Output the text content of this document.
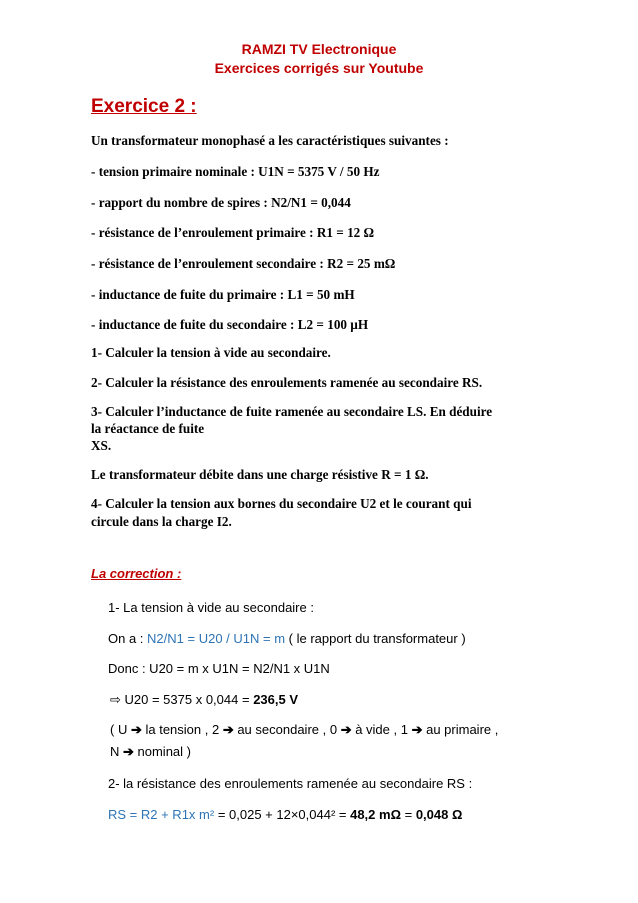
RAMZI TV Electronique
Exercices corrigés sur Youtube
Exercice 2 :
Un transformateur monophasé a les caractéristiques suivantes :
- tension primaire nominale : U1N = 5375 V / 50 Hz
- rapport du nombre de spires : N2/N1 = 0,044
- résistance de l’enroulement primaire : R1 = 12 Ω
- résistance de l’enroulement secondaire : R2 = 25 mΩ
- inductance de fuite du primaire : L1 = 50 mH
- inductance de fuite du secondaire : L2 = 100 µH
1- Calculer la tension à vide au secondaire.
2- Calculer la résistance des enroulements ramenée au secondaire RS.
3- Calculer l’inductance de fuite ramenée au secondaire LS. En déduire
la réactance de fuite
XS.
Le transformateur débite dans une charge résistive R = 1 Ω.
4- Calculer la tension aux bornes du secondaire U2 et le courant qui
circule dans la charge I2.
La correction :
1- La tension à vide au secondaire :
On a : N2/N1 = U20 / U1N = m ( le rapport du transformateur )
Donc : U20 = m x U1N = N2/N1 x U1N
⇨ U20 = 5375 x 0,044 = 236,5 V
( U ➔ la tension , 2 ➔ au secondaire , 0 ➔ à vide , 1 ➔ au primaire ,
N ➔ nominal )
2- la résistance des enroulements ramenée au secondaire RS :
RS = R2 + R1x m² = 0,025 + 12×0,044² = 48,2 mΩ = 0,048 Ω
